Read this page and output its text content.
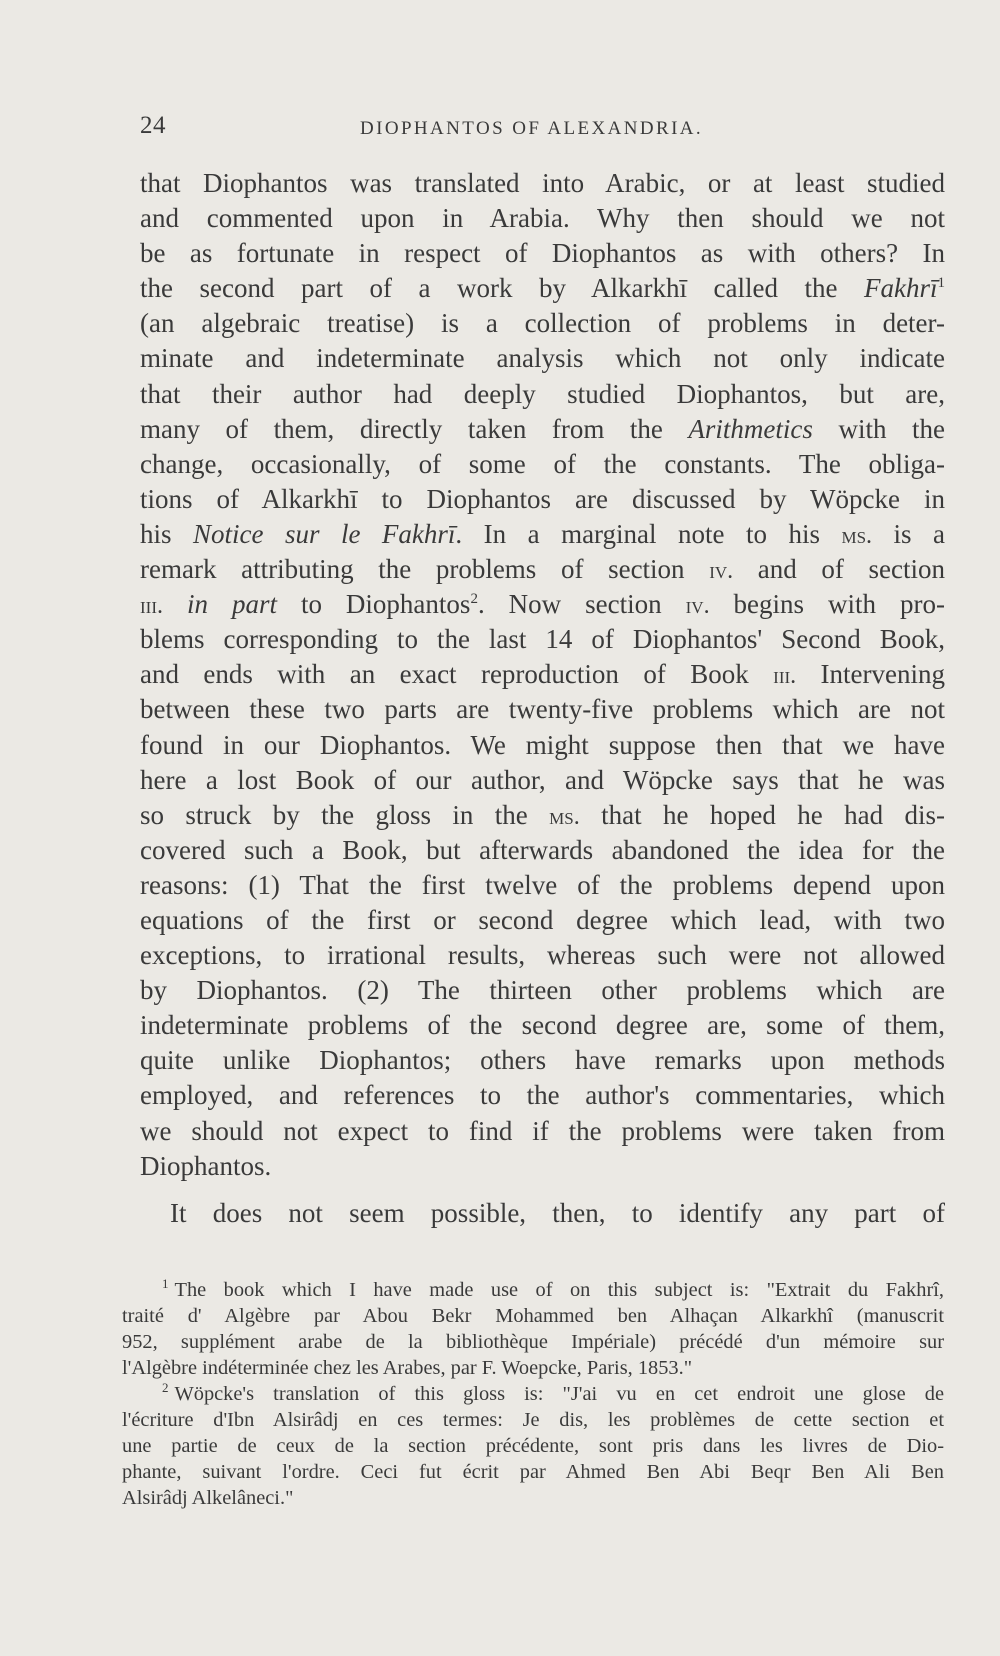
24	DIOPHANTOS OF ALEXANDRIA.
that Diophantos was translated into Arabic, or at least studied
and commented upon in Arabia. Why then should we not
be as fortunate in respect of Diophantos as with others? In
the second part of a work by Alkarkhī called the Fakhrī$^1$
(an algebraic treatise) is a collection of problems in deter-
minate and indeterminate analysis which not only indicate
that their author had deeply studied Diophantos, but are,
many of them, directly taken from the Arithmetics with the
change, occasionally, of some of the constants. The obliga-
tions of Alkarkhī to Diophantos are discussed by Wöpcke in
his Notice sur le Fakhrī. In a marginal note to his ms. is a
remark attributing the problems of section iv. and of section
iii. in part to Diophantos$^2$. Now section iv. begins with pro-
blems corresponding to the last 14 of Diophantos' Second Book,
and ends with an exact reproduction of Book iii. Intervening
between these two parts are twenty-five problems which are not
found in our Diophantos. We might suppose then that we have
here a lost Book of our author, and Wöpcke says that he was
so struck by the gloss in the ms. that he hoped he had dis-
covered such a Book, but afterwards abandoned the idea for the
reasons: (1) That the first twelve of the problems depend upon
equations of the first or second degree which lead, with two
exceptions, to irrational results, whereas such were not allowed
by Diophantos. (2) The thirteen other problems which are
indeterminate problems of the second degree are, some of them,
quite unlike Diophantos; others have remarks upon methods
employed, and references to the author's commentaries, which
we should not expect to find if the problems were taken from
Diophantos.
It does not seem possible, then, to identify any part of
$^1$ The book which I have made use of on this subject is: "Extrait du Fakhrî,
traité d' Algèbre par Abou Bekr Mohammed ben Alhaçan Alkarkhî (manuscrit
952, supplément arabe de la bibliothèque Impériale) précédé d'un mémoire sur
l'Algèbre indéterminée chez les Arabes, par F. Woepcke, Paris, 1853."
$^2$ Wöpcke's translation of this gloss is: "J'ai vu en cet endroit une glose de
l'écriture d'Ibn Alsirâdj en ces termes: Je dis, les problèmes de cette section et
une partie de ceux de la section précédente, sont pris dans les livres de Dio-
phante, suivant l'ordre. Ceci fut écrit par Ahmed Ben Abi Beqr Ben Ali Ben
Alsirâdj Alkelâneci."
